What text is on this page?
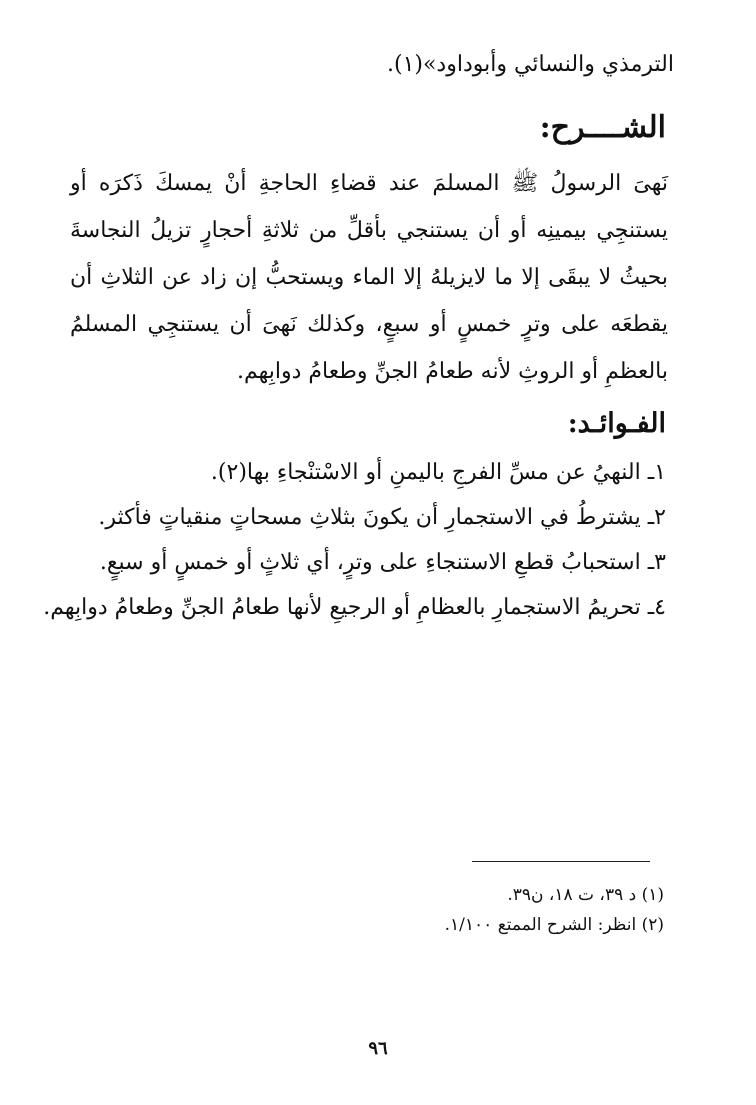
الترمذي والنسائي وأبوداود»(١).
الشــــرح:

نَهىَ الرسولُ ﷺ المسلمَ عند قضاءِ الحاجةِ أنْ يمسكَ ذَكرَه أو
يستنجِي بيمينِه أو أن يستنجي بأقلِّ من ثلاثةِ أحجارٍ تزيلُ النجاسةَ
بحيثُ لا يبقَى إلا ما لايزيلهُ إلا الماء ويستحبُّ إن زاد عن الثلاثِ أن
يقطعَه على وترٍ خمسٍ أو سبعٍ، وكذلك نَهىَ أن يستنجِي المسلمُ
بالعظمِ أو الروثِ لأنه طعامُ الجنِّ وطعامُ دوابِهم.

الفـوائـد:
١ـ النهيُ عن مسِّ الفرجِ باليمنِ أو الاسْتنْجاءِ بها(٢).
٢ـ يشترطُ في الاستجمارِ أن يكونَ بثلاثِ مسحاتٍ منقياتٍ فأكثر.
٣ـ استحبابُ قطعِ الاستنجاءِ على وترٍ، أي ثلاثٍ أو خمسٍ أو سبعٍ.
٤ـ تحريمُ الاستجمارِ بالعظامِ أو الرجيعِ لأنها طعامُ الجنِّ وطعامُ دوابِهم.
(١) د ٣٩، ت ١٨، ن٣٩.
(٢) انظر: الشرح الممتع ١/١٠٠.
٩٦
